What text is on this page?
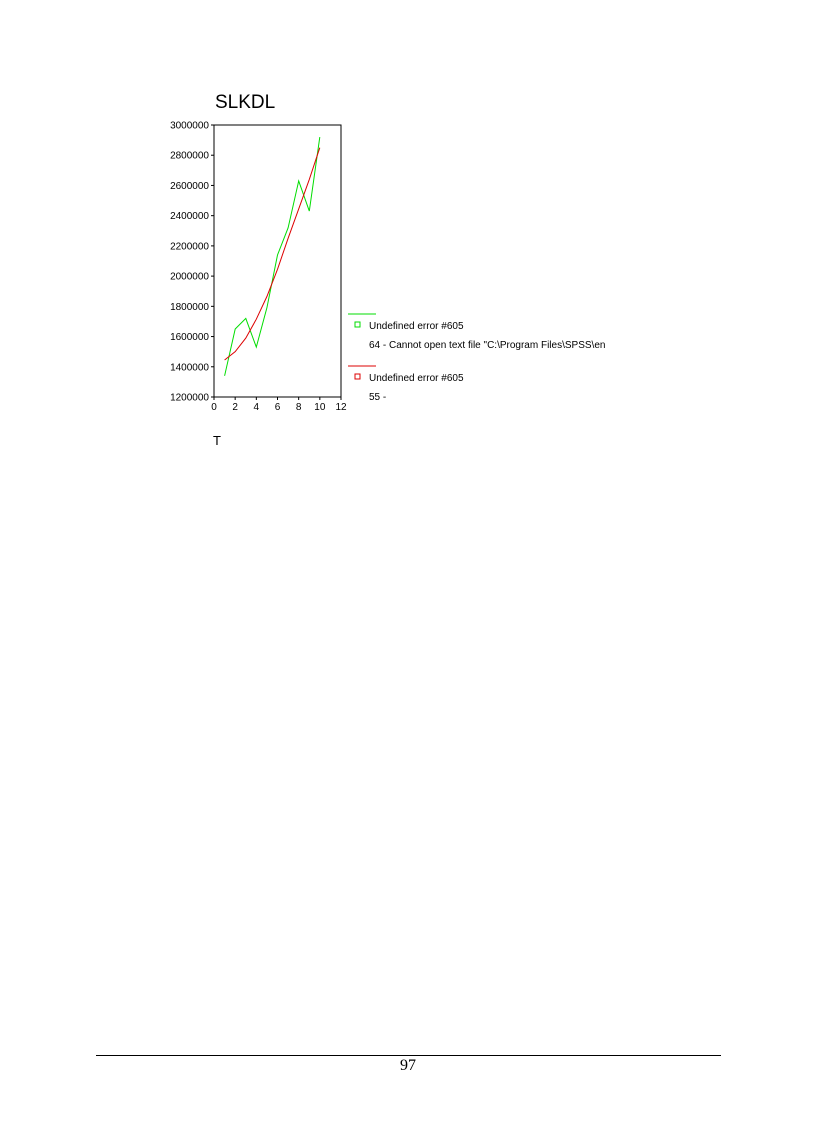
SLKDL
1200000
1400000
1600000
1800000
2000000
2200000
2400000
2600000
2800000
3000000
0 2 4 6 8 10 12
Undefined error #605
64 - Cannot open text file "C:\Program Files\SPSS\en
Undefined error #605
55 -
T
97
